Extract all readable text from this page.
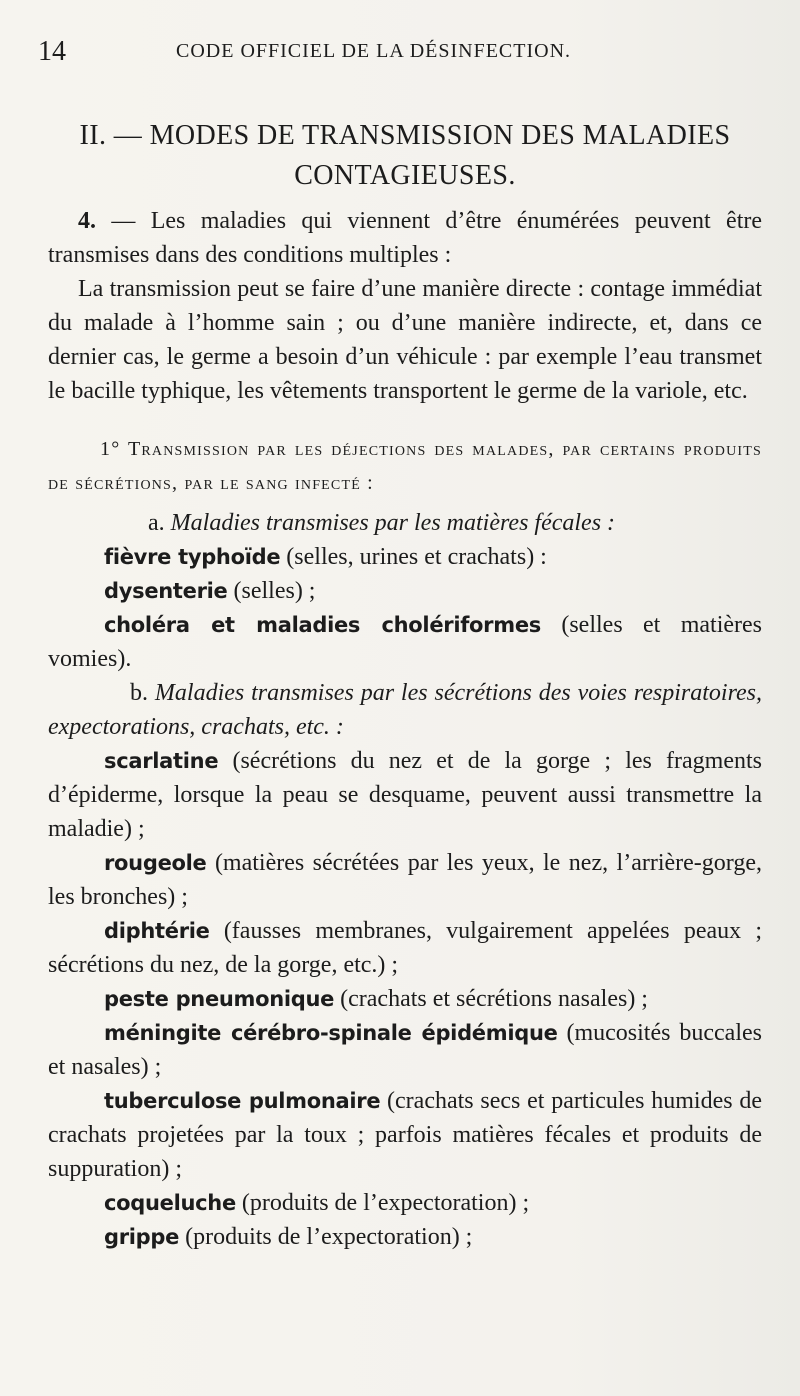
14	CODE OFFICIEL DE LA DÉSINFECTION.
II. — MODES DE TRANSMISSION DES MALADIES
CONTAGIEUSES.

4. — Les maladies qui viennent d’être énumérées peuvent être transmises dans des conditions multiples :

La transmission peut se faire d’une manière directe : contage immédiat du malade à l’homme sain ; ou d’une manière indirecte, et, dans ce dernier cas, le germe a besoin d’un véhicule : par exemple l’eau transmet le bacille typhique, les vêtements transportent le germe de la variole, etc.

1° Transmission par les déjections des malades, par certains produits de sécrétions, par le sang infecté :

a. Maladies transmises par les matières fécales :

fièvre typhoïde (selles, urines et crachats) :

dysenterie (selles) ;

choléra et maladies cholériformes (selles et matières vomies).

b. Maladies transmises par les sécrétions des voies respiratoires, expectorations, crachats, etc. :

scarlatine (sécrétions du nez et de la gorge ; les fragments d’épiderme, lorsque la peau se desquame, peuvent aussi transmettre la maladie) ;

rougeole (matières sécrétées par les yeux, le nez, l’arrière-gorge, les bronches) ;

diphtérie (fausses membranes, vulgairement appelées peaux ; sécrétions du nez, de la gorge, etc.) ;

peste pneumonique (crachats et sécrétions nasales) ;

méningite cérébro-spinale épidémique (mucosités buccales et nasales) ;

tuberculose pulmonaire (crachats secs et particules humides de crachats projetées par la toux ; parfois matières fécales et produits de suppuration) ;

coqueluche (produits de l’expectoration) ;

grippe (produits de l’expectoration) ;
